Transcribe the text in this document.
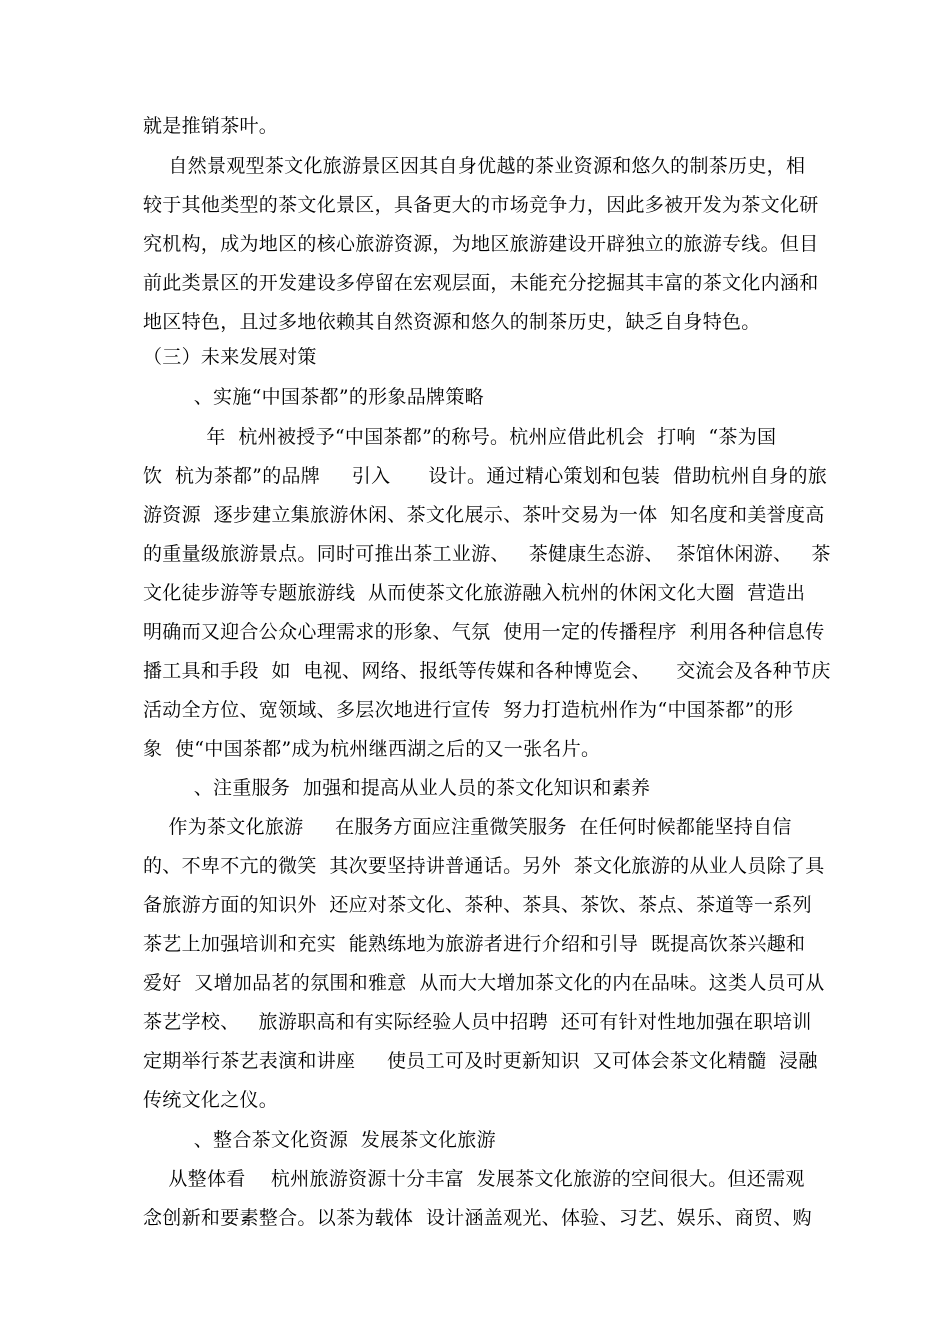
就是推销茶叶。
自然景观型茶文化旅游景区因其自身优越的茶业资源和悠久的制茶历史，相
较于其他类型的茶文化景区，具备更大的市场竞争力，因此多被开发为茶文化研
究机构，成为地区的核心旅游资源，为地区旅游建设开辟独立的旅游专线。但目
前此类景区的开发建设多停留在宏观层面，未能充分挖掘其丰富的茶文化内涵和
地区特色，且过多地依赖其自然资源和悠久的制茶历史，缺乏自身特色。
（三）未来发展对策
、实施“中国茶都”的形象品牌策略
年  杭州被授予“中国茶都”的称号。杭州应借此机会  打响  “茶为国
饮  杭为茶都”的品牌     引入      设计。通过精心策划和包装  借助杭州自身的旅
游资源  逐步建立集旅游休闲、茶文化展示、茶叶交易为一体  知名度和美誉度高
的重量级旅游景点。同时可推出茶工业游、   茶健康生态游、  茶馆休闲游、   茶
文化徒步游等专题旅游线  从而使茶文化旅游融入杭州的休闲文化大圈  营造出
明确而又迎合公众心理需求的形象、气氛  使用一定的传播程序  利用各种信息传
播工具和手段  如  电视、网络、报纸等传媒和各种博览会、    交流会及各种节庆
活动全方位、宽领域、多层次地进行宣传  努力打造杭州作为“中国茶都”的形
象  使“中国茶都”成为杭州继西湖之后的又一张名片。
、注重服务  加强和提高从业人员的茶文化知识和素养
作为茶文化旅游     在服务方面应注重微笑服务  在任何时候都能坚持自信
的、不卑不亢的微笑  其次要坚持讲普通话。另外  茶文化旅游的从业人员除了具
备旅游方面的知识外  还应对茶文化、茶种、茶具、茶饮、茶点、茶道等一系列
茶艺上加强培训和充实  能熟练地为旅游者进行介绍和引导  既提高饮茶兴趣和
爱好  又增加品茗的氛围和雅意  从而大大增加茶文化的内在品味。这类人员可从
茶艺学校、   旅游职高和有实际经验人员中招聘  还可有针对性地加强在职培训
定期举行茶艺表演和讲座     使员工可及时更新知识  又可体会茶文化精髓  浸融
传统文化之仪。
、整合茶文化资源  发展茶文化旅游
从整体看    杭州旅游资源十分丰富  发展茶文化旅游的空间很大。但还需观
念创新和要素整合。以茶为载体  设计涵盖观光、体验、习艺、娱乐、商贸、购
